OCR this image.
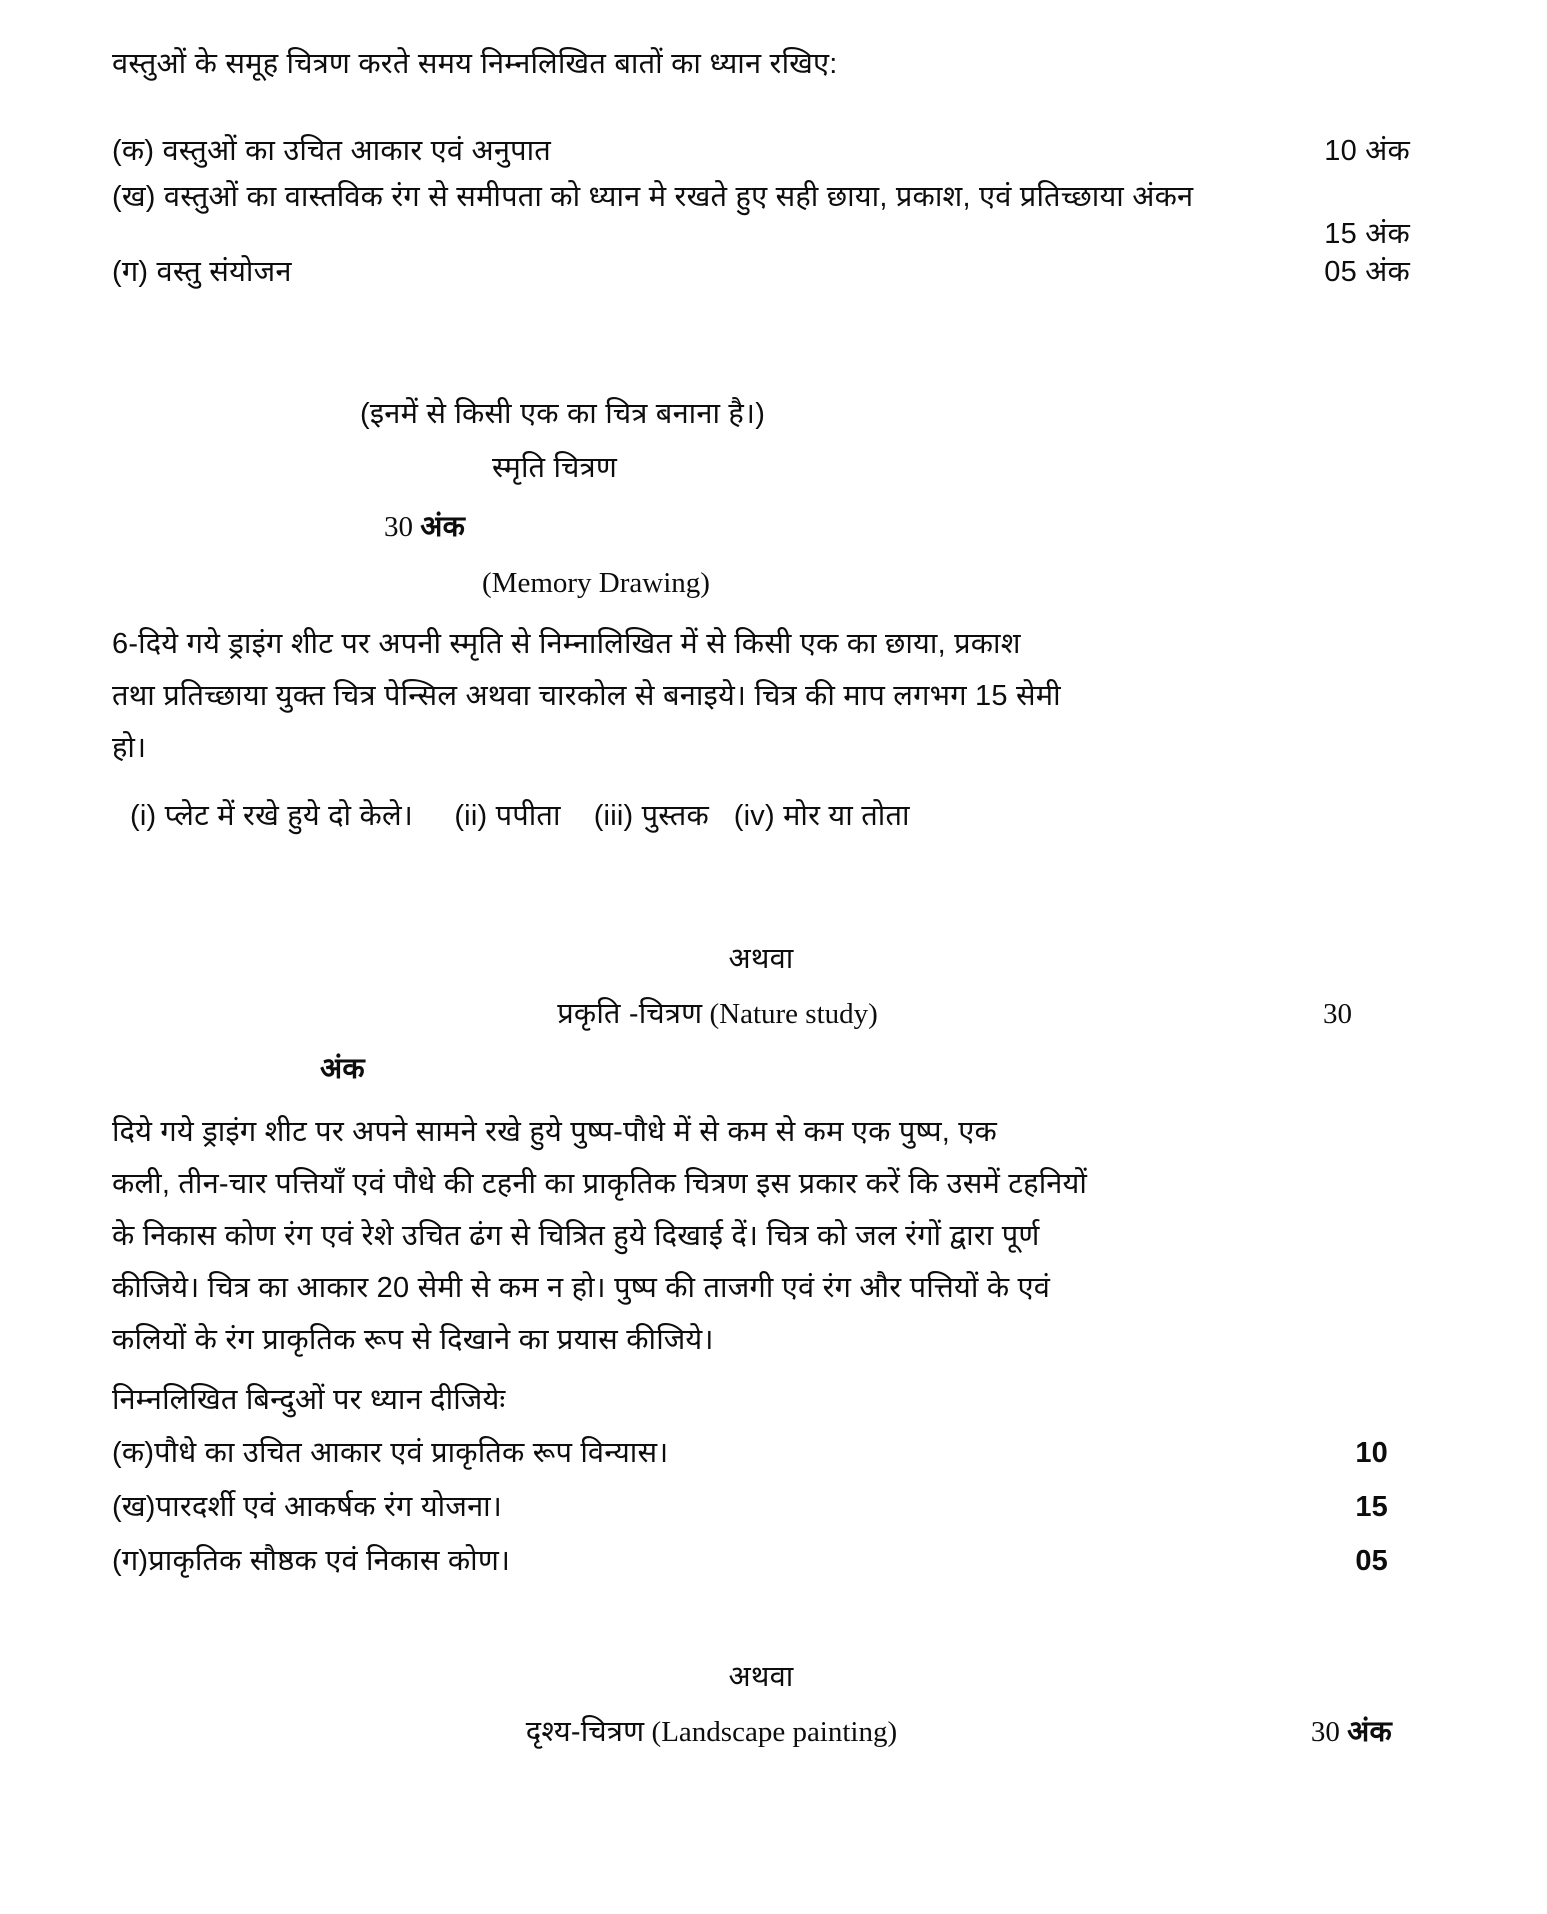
वस्तुओं के समूह चित्रण करते समय निम्नलिखित बातों का ध्यान रखिए:
(क) वस्तुओं का उचित आकार एवं अनुपात	10 अंक
(ख) वस्तुओं का वास्तविक रंग से समीपता को ध्यान मे रखते हुए सही छाया, प्रकाश, एवं प्रतिच्छाया अंकन
15 अंक
(ग) वस्तु संयोजन	05 अंक
(इनमें से किसी एक का चित्र बनाना है।)
स्मृति चित्रण
30 अंक
(Memory Drawing)
6-दिये गये ड्राइंग शीट पर अपनी स्मृति से निम्नालिखित में से किसी एक का छाया, प्रकाश
तथा प्रतिच्छाया युक्त चित्र पेन्सिल अथवा चारकोल से बनाइये। चित्र की माप लगभग 15 सेमी
हो।
(i) प्लेट में रखे हुये दो केले। (ii) पपीता (iii) पुस्तक (iv) मोर या तोता
अथवा
प्रकृति -चित्रण
(Nature study)	30
अंक
दिये गये ड्राइंग शीट पर अपने सामने रखे हुये पुष्प-पौधे में से कम से कम एक पुष्प, एक
कली, तीन-चार पत्तियाँ एवं पौधे की टहनी का प्राकृतिक चित्रण इस प्रकार करें कि उसमें टहनियों
के निकास कोण रंग एवं रेशे उचित ढंग से चित्रित हुये दिखाई दें। चित्र को जल रंगों द्वारा पूर्ण
कीजिये। चित्र का आकार 20 सेमी से कम न हो। पुष्प की ताजगी एवं रंग और पत्तियों के एवं
कलियों के रंग प्राकृतिक रूप से दिखाने का प्रयास कीजिये।
निम्नलिखित बिन्दुओं पर ध्यान दीजियेः
(क)पौधे का उचित आकार एवं प्राकृतिक रूप विन्यास।	10
(ख)पारदर्शी एवं आकर्षक रंग योजना।	15
(ग)प्राकृतिक सौष्ठक एवं निकास कोण।	05
अथवा
दृश्य-चित्रण
(Landscape painting)	30
अंक
